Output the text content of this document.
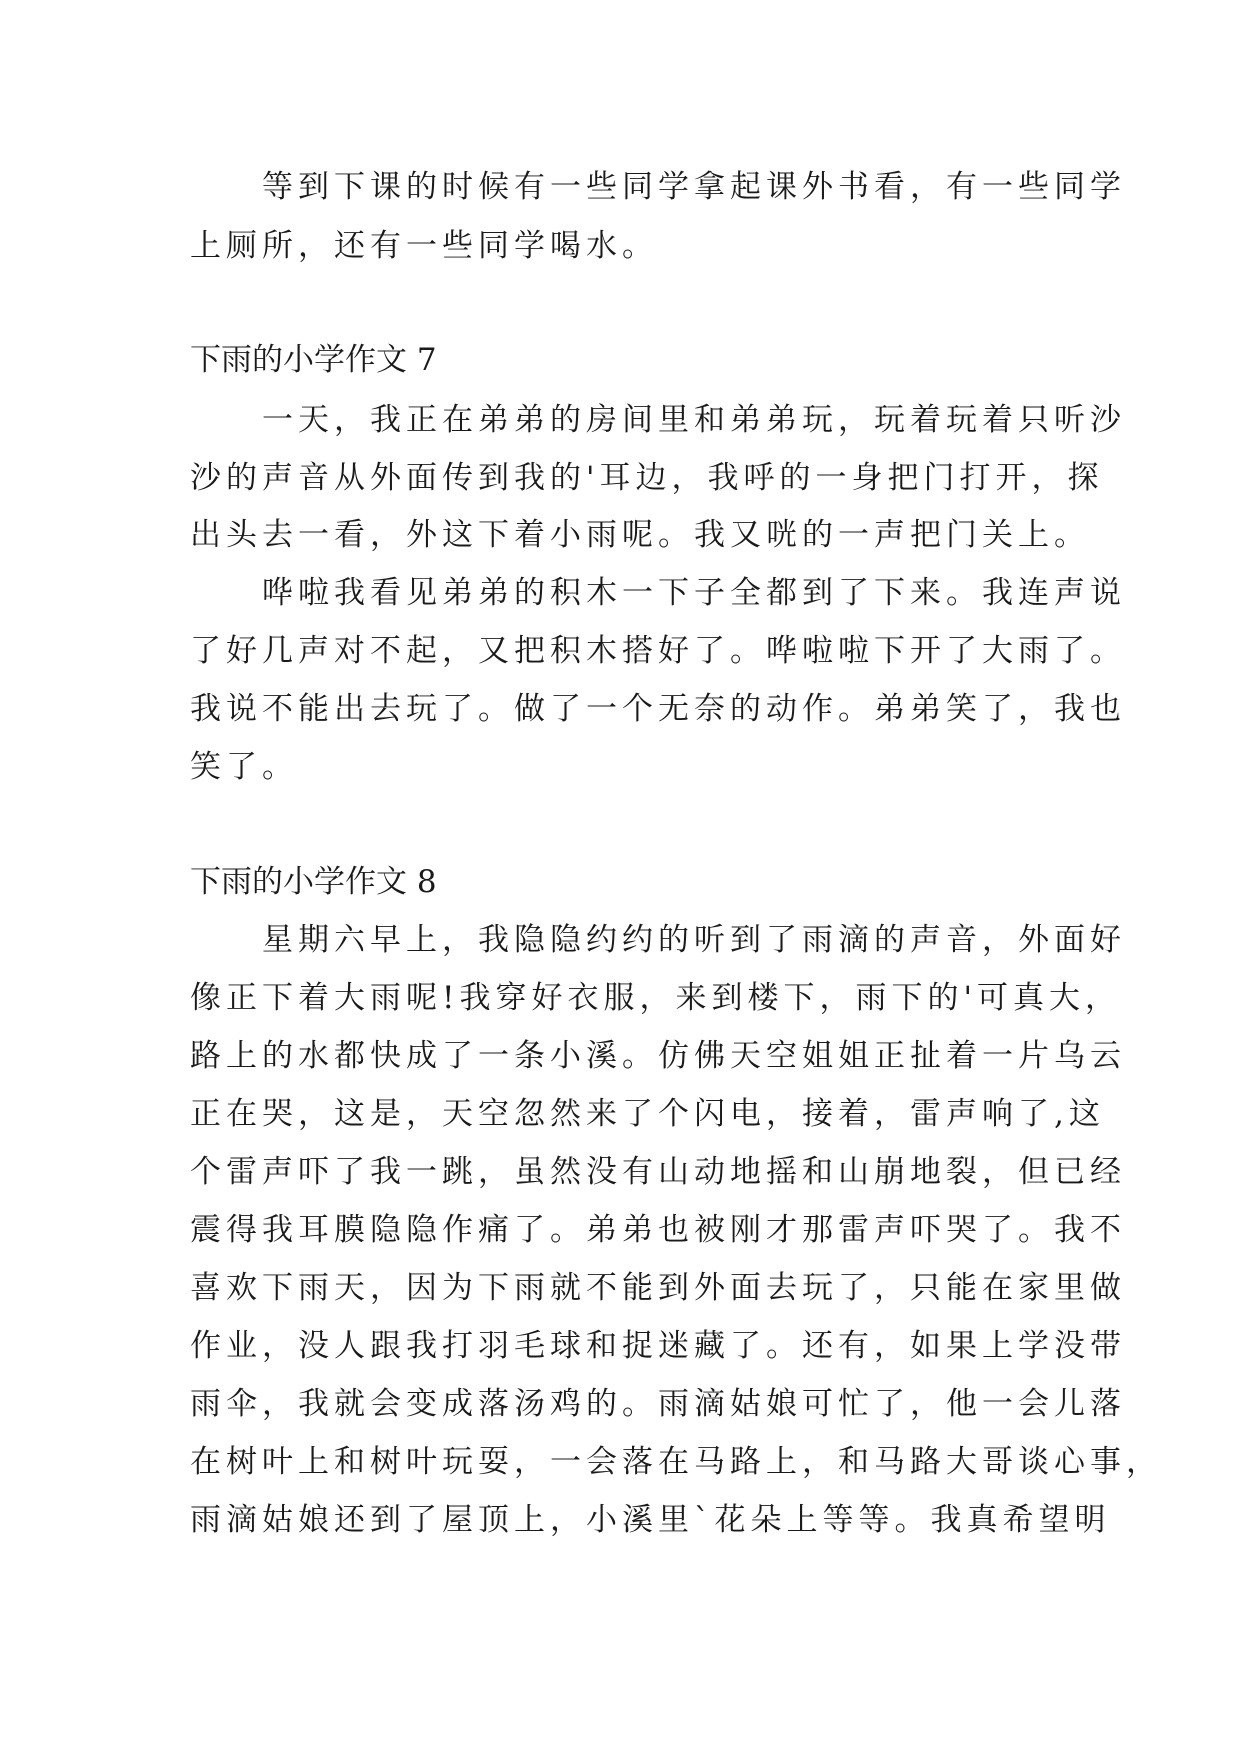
　　等到下课的时候有一些同学拿起课外书看，有一些同学
上厕所，还有一些同学喝水。
下雨的小学作文 7
　　一天，我正在弟弟的房间里和弟弟玩，玩着玩着只听沙
沙的声音从外面传到我的'耳边，我呼的一身把门打开，探
出头去一看，外这下着小雨呢。我又咣的一声把门关上。
　　哗啦我看见弟弟的积木一下子全都到了下来。我连声说
了好几声对不起，又把积木搭好了。哗啦啦下开了大雨了。
我说不能出去玩了。做了一个无奈的动作。弟弟笑了，我也
笑了。
下雨的小学作文 8
　　星期六早上，我隐隐约约的听到了雨滴的声音，外面好
像正下着大雨呢!我穿好衣服，来到楼下，雨下的'可真大，
路上的水都快成了一条小溪。仿佛天空姐姐正扯着一片乌云
正在哭，这是，天空忽然来了个闪电，接着，雷声响了,这
个雷声吓了我一跳，虽然没有山动地摇和山崩地裂，但已经
震得我耳膜隐隐作痛了。弟弟也被刚才那雷声吓哭了。我不
喜欢下雨天，因为下雨就不能到外面去玩了，只能在家里做
作业，没人跟我打羽毛球和捉迷藏了。还有，如果上学没带
雨伞，我就会变成落汤鸡的。雨滴姑娘可忙了，他一会儿落
在树叶上和树叶玩耍，一会落在马路上，和马路大哥谈心事，
雨滴姑娘还到了屋顶上，小溪里`花朵上等等。我真希望明
